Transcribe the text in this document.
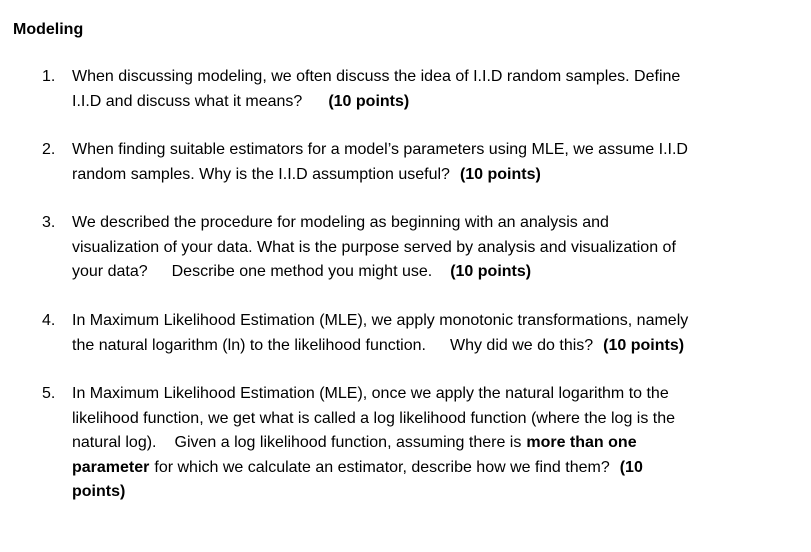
Modeling
1. When discussing modeling, we often discuss the idea of I.I.D random samples. Define
I.I.D and discuss what it means? (10 points)
2. When finding suitable estimators for a model’s parameters using MLE, we assume I.I.D
random samples. Why is the I.I.D assumption useful? (10 points)
3. We described the procedure for modeling as beginning with an analysis and
visualization of your data. What is the purpose served by analysis and visualization of
your data? Describe one method you might use. (10 points)
4. In Maximum Likelihood Estimation (MLE), we apply monotonic transformations, namely
the natural logarithm (ln) to the likelihood function. Why did we do this? (10 points)
5. In Maximum Likelihood Estimation (MLE), once we apply the natural logarithm to the
likelihood function, we get what is called a log likelihood function (where the log is the
natural log). Given a log likelihood function, assuming there is more than one
parameter for which we calculate an estimator, describe how we find them? (10
points)
